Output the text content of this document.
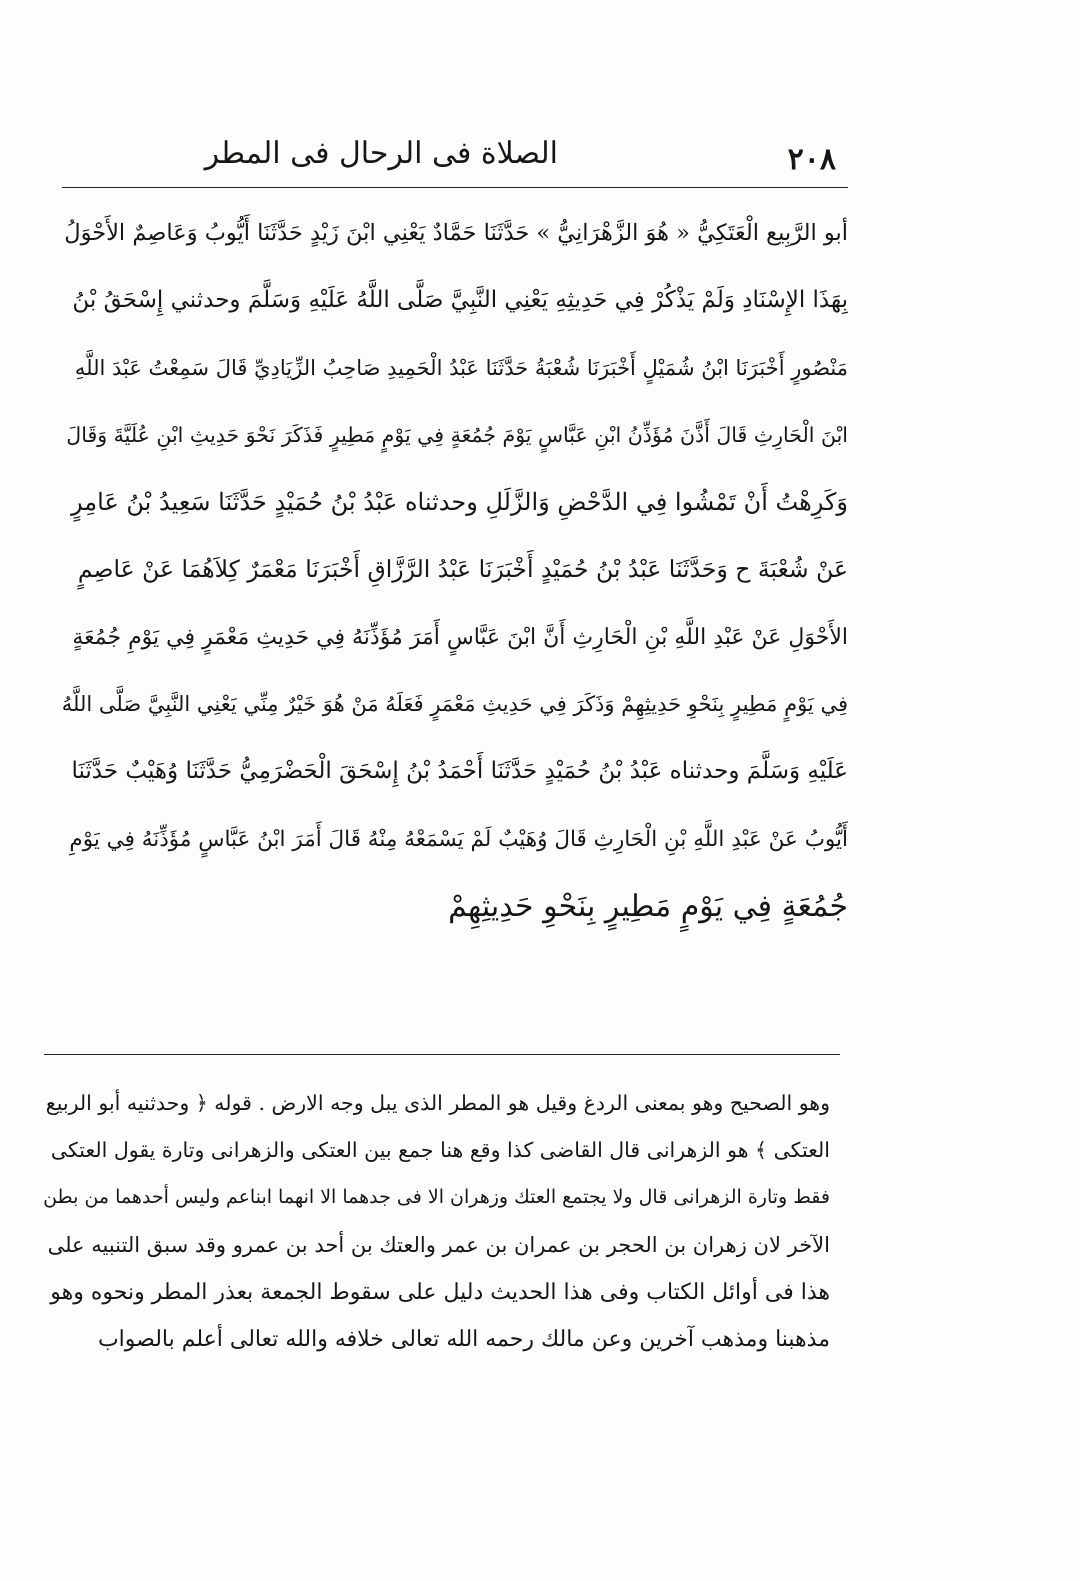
٢٠٨
الصلاة فى الرحال فى المطر
أبو الرَّبِيع الْعَتَكِيُّ « هُوَ الزَّهْرَانِيُّ » حَدَّثَنَا حَمَّادٌ يَعْنِي ابْنَ زَيْدٍ حَدَّثَنَا أَيُّوبُ وَعَاصِمٌ الأَحْوَلُ
بِهَذَا الإِسْنَادِ وَلَمْ يَذْكُرْ فِي حَدِيثِهِ يَعْنِي النَّبِيَّ صَلَّى اللَّهُ عَلَيْهِ وَسَلَّمَ وحدثني إِسْحَقُ بْنُ
مَنْصُورٍ أَخْبَرَنَا ابْنُ شُمَيْلٍ أَخْبَرَنَا شُعْبَةُ حَدَّثَنَا عَبْدُ الْحَمِيدِ صَاحِبُ الزِّيَادِيِّ قَالَ سَمِعْتُ عَبْدَ اللَّهِ
ابْنَ الْحَارِثِ قَالَ أَذَّنَ مُؤَذِّنُ ابْنِ عَبَّاسٍ يَوْمَ جُمُعَةٍ فِي يَوْمٍ مَطِيرٍ فَذَكَرَ نَحْوَ حَدِيثِ ابْنِ عُلَيَّةَ وَقَالَ
وَكَرِهْتُ أَنْ تَمْشُوا فِي الدَّحْضِ وَالزَّلَلِ وحدثناه عَبْدُ بْنُ حُمَيْدٍ حَدَّثَنَا سَعِيدُ بْنُ عَامِرٍ
عَنْ شُعْبَةَ ح وَحَدَّثَنَا عَبْدُ بْنُ حُمَيْدٍ أَخْبَرَنَا عَبْدُ الرَّزَّاقِ أَخْبَرَنَا مَعْمَرٌ كِلاَهُمَا عَنْ عَاصِمٍ
الأَحْوَلِ عَنْ عَبْدِ اللَّهِ بْنِ الْحَارِثِ أَنَّ ابْنَ عَبَّاسٍ أَمَرَ مُؤَذِّنَهُ فِي حَدِيثِ مَعْمَرٍ فِي يَوْمِ جُمُعَةٍ
فِي يَوْمٍ مَطِيرٍ بِنَحْوِ حَدِيثِهِمْ وَذَكَرَ فِي حَدِيثِ مَعْمَرٍ فَعَلَهُ مَنْ هُوَ خَيْرٌ مِنِّي يَعْنِي النَّبِيَّ صَلَّى اللَّهُ
عَلَيْهِ وَسَلَّمَ وحدثناه عَبْدُ بْنُ حُمَيْدٍ حَدَّثَنَا أَحْمَدُ بْنُ إِسْحَقَ الْحَضْرَمِيُّ حَدَّثَنَا وُهَيْبٌ حَدَّثَنَا
أَيُّوبُ عَنْ عَبْدِ اللَّهِ بْنِ الْحَارِثِ قَالَ وُهَيْبٌ لَمْ يَسْمَعْهُ مِنْهُ قَالَ أَمَرَ ابْنُ عَبَّاسٍ مُؤَذِّنَهُ فِي يَوْمِ
جُمُعَةٍ فِي يَوْمٍ مَطِيرٍ بِنَحْوِ حَدِيثِهِمْ
وهو الصحيح وهو بمعنى الردغ وقيل هو المطر الذى يبل وجه الارض . قوله ﴿ وحدثنيه أبو الربيع
العتكى ﴾ هو الزهرانى قال القاضى كذا وقع هنا جمع بين العتكى والزهرانى وتارة يقول العتكى
فقط وتارة الزهرانى قال ولا يجتمع العتك وزهران الا فى جدهما الا انهما ابناعم وليس أحدهما من بطن
الآخر لان زهران بن الحجر بن عمران بن عمر والعتك بن أحد بن عمرو وقد سبق التنبيه على
هذا فى أوائل الكتاب وفى هذا الحديث دليل على سقوط الجمعة بعذر المطر ونحوه وهو
مذهبنا ومذهب آخرين وعن مالك رحمه الله تعالى خلافه والله تعالى أعلم بالصواب
